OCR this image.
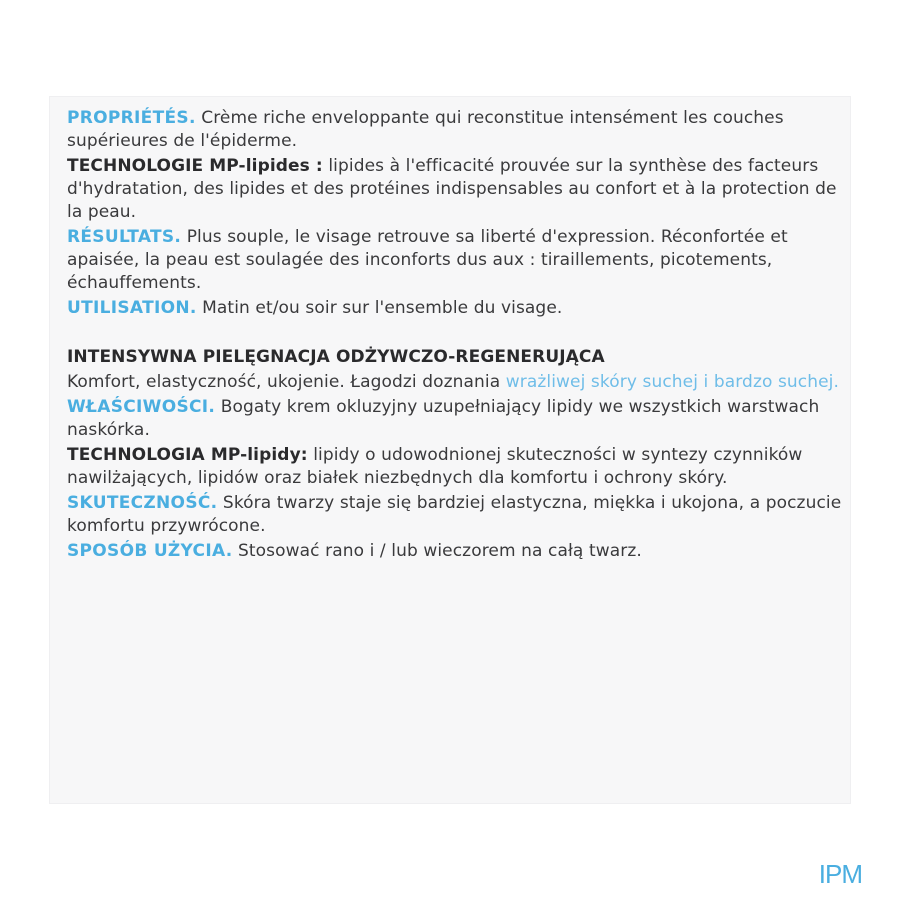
PROPRIÉTÉS. Crème riche enveloppante qui reconstitue intensément les couches supérieures de l'épiderme.

TECHNOLOGIE MP-lipides : lipides à l'efficacité prouvée sur la synthèse des facteurs d'hydratation, des lipides et des protéines indispensables au confort et à la protection de la peau.

RÉSULTATS. Plus souple, le visage retrouve sa liberté d'expression. Réconfortée et apaisée, la peau est soulagée des inconforts dus aux : tiraillements, picotements, échauffements.

UTILISATION. Matin et/ou soir sur l'ensemble du visage.

INTENSYWNA PIELĘGNACJA ODŻYWCZO-REGENERUJĄCA

Komfort, elastyczność, ukojenie. Łagodzi doznania wrażliwej skóry suchej i bardzo suchej.

WŁAŚCIWOŚCI. Bogaty krem okluzyjny uzupełniający lipidy we wszystkich warstwach naskórka.

TECHNOLOGIA MP-lipidy: lipidy o udowodnionej skuteczności w syntezy czynników nawilżających, lipidów oraz białek niezbędnych dla komfortu i ochrony skóry.

SKUTECZNOŚĆ. Skóra twarzy staje się bardziej elastyczna, miękka i ukojona, a poczucie komfortu przywrócone.

SPOSÓB UŻYCIA. Stosować rano i / lub wieczorem na całą twarz.

IPM
